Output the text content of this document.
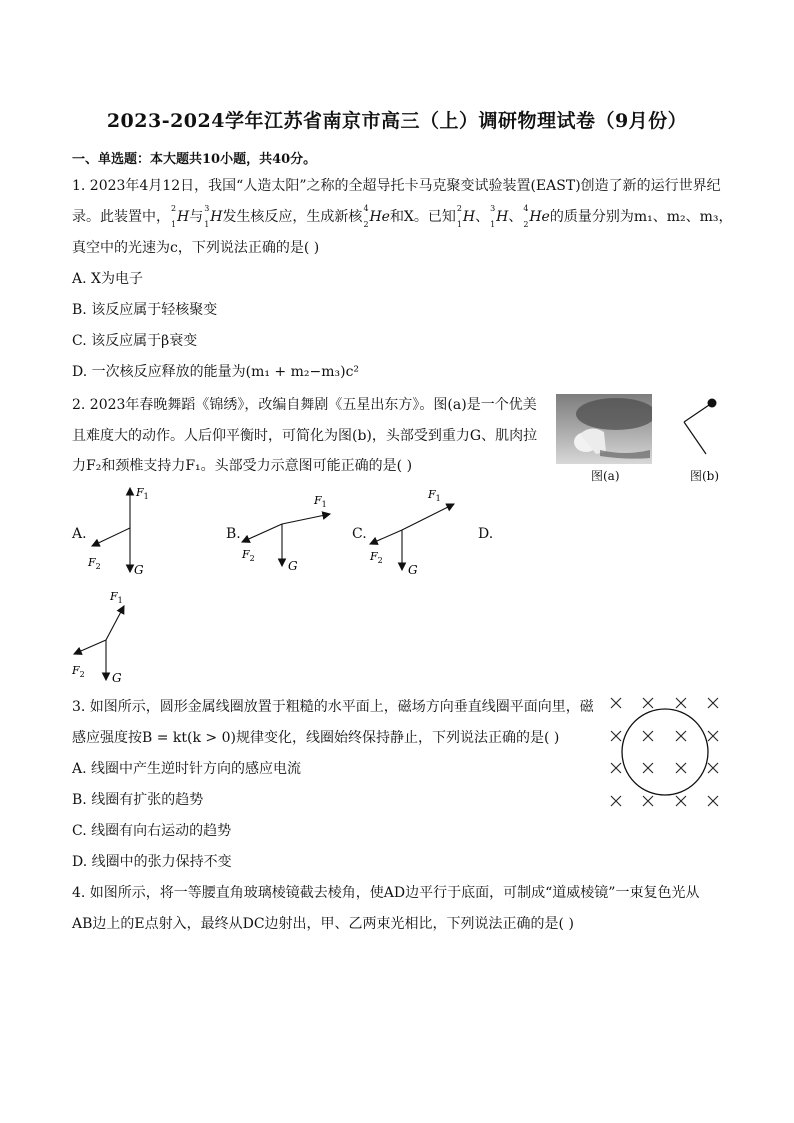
2023-2024学年江苏省南京市高三（上）调研物理试卷（9月份）
一、单选题：本大题共10小题，共40分。
1. 2023年4月12日，我国“人造太阳”之称的全超导托卡马克聚变试验装置(EAST)创造了新的运行世界纪
录。此装置中，
2
1 H与
3
1 H发生核反应，生成新核
4
2 He和X。已知
2
1 H、
3
1 H、
4
2 He的质量分别为m₁、m₂、m₃，
真空中的光速为c，下列说法正确的是( )
A. X为电子
B. 该反应属于轻核聚变
C. 该反应属于β衰变
D. 一次核反应释放的能量为(m₁ + m₂−m₃)c²
2. 2023年春晚舞蹈《锦绣》，改编自舞剧《五星出东方》。图(a)是一个优美
且难度大的动作。人后仰平衡时，可简化为图(b)，头部受到重力G、肌肉拉
力F₂和颈椎支持力F₁。头部受力示意图可能正确的是( )
图(a)	图(b)
A.
$F_1$
$F_2$	G
B.
$F_1$
$F_2$
G
C.
$F_1$
$F_2$
G
D.
$F_1$
$F_2$ G
3. 如图所示，圆形金属线圈放置于粗糙的水平面上，磁场方向垂直线圈平面向里，磁
感应强度按B = kt(k > 0)规律变化，线圈始终保持静止，下列说法正确的是( )
A. 线圈中产生逆时针方向的感应电流
B. 线圈有扩张的趋势
C. 线圈有向右运动的趋势
D. 线圈中的张力保持不变
4. 如图所示，将一等腰直角玻璃棱镜截去棱角，使AD边平行于底面，可制成“道威棱镜”一束复色光从
AB边上的E点射入，最终从DC边射出，甲、乙两束光相比，下列说法正确的是( )
